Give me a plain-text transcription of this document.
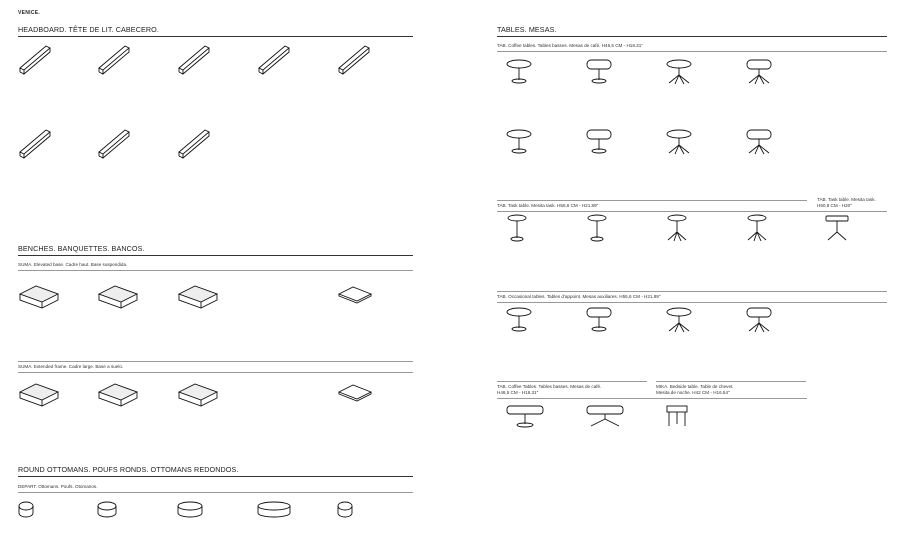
VENICE.
HEADBOARD. TÊTE DE LIT. CABECERO.
BENCHES. BANQUETTES. BANCOS.
SUMA. Elevated base. Cadre haut. Base suspendida.
SUMA. Extended frame. Cadre large. Base a suelo.
ROUND OTTOMANS. POUFS RONDS. OTTOMANS REDONDOS.
DEPART. Ottomans. Poufs. Otomanos.
TABLES. MESAS.
TAB. Coffee tables. Tables basses. Mesas de café. H46,5 CM - H18.31"
TAB. Task table. Mesita task. H55,6 CM - H21.89"
TAB. Task table. Mesita task.
H50,8 CM - H20"
TAB. Occasional tables. Tables d'appoint. Mesas auxiliares. H55,6 CM - H21.89"
TAB. Coffee Tables. Tables basses. Mesas de café.
H46,5 CM - H18.31"
MIKA. Bedside table. Table de chevet.
Mesita de noche. H42 CM - H16.54"
